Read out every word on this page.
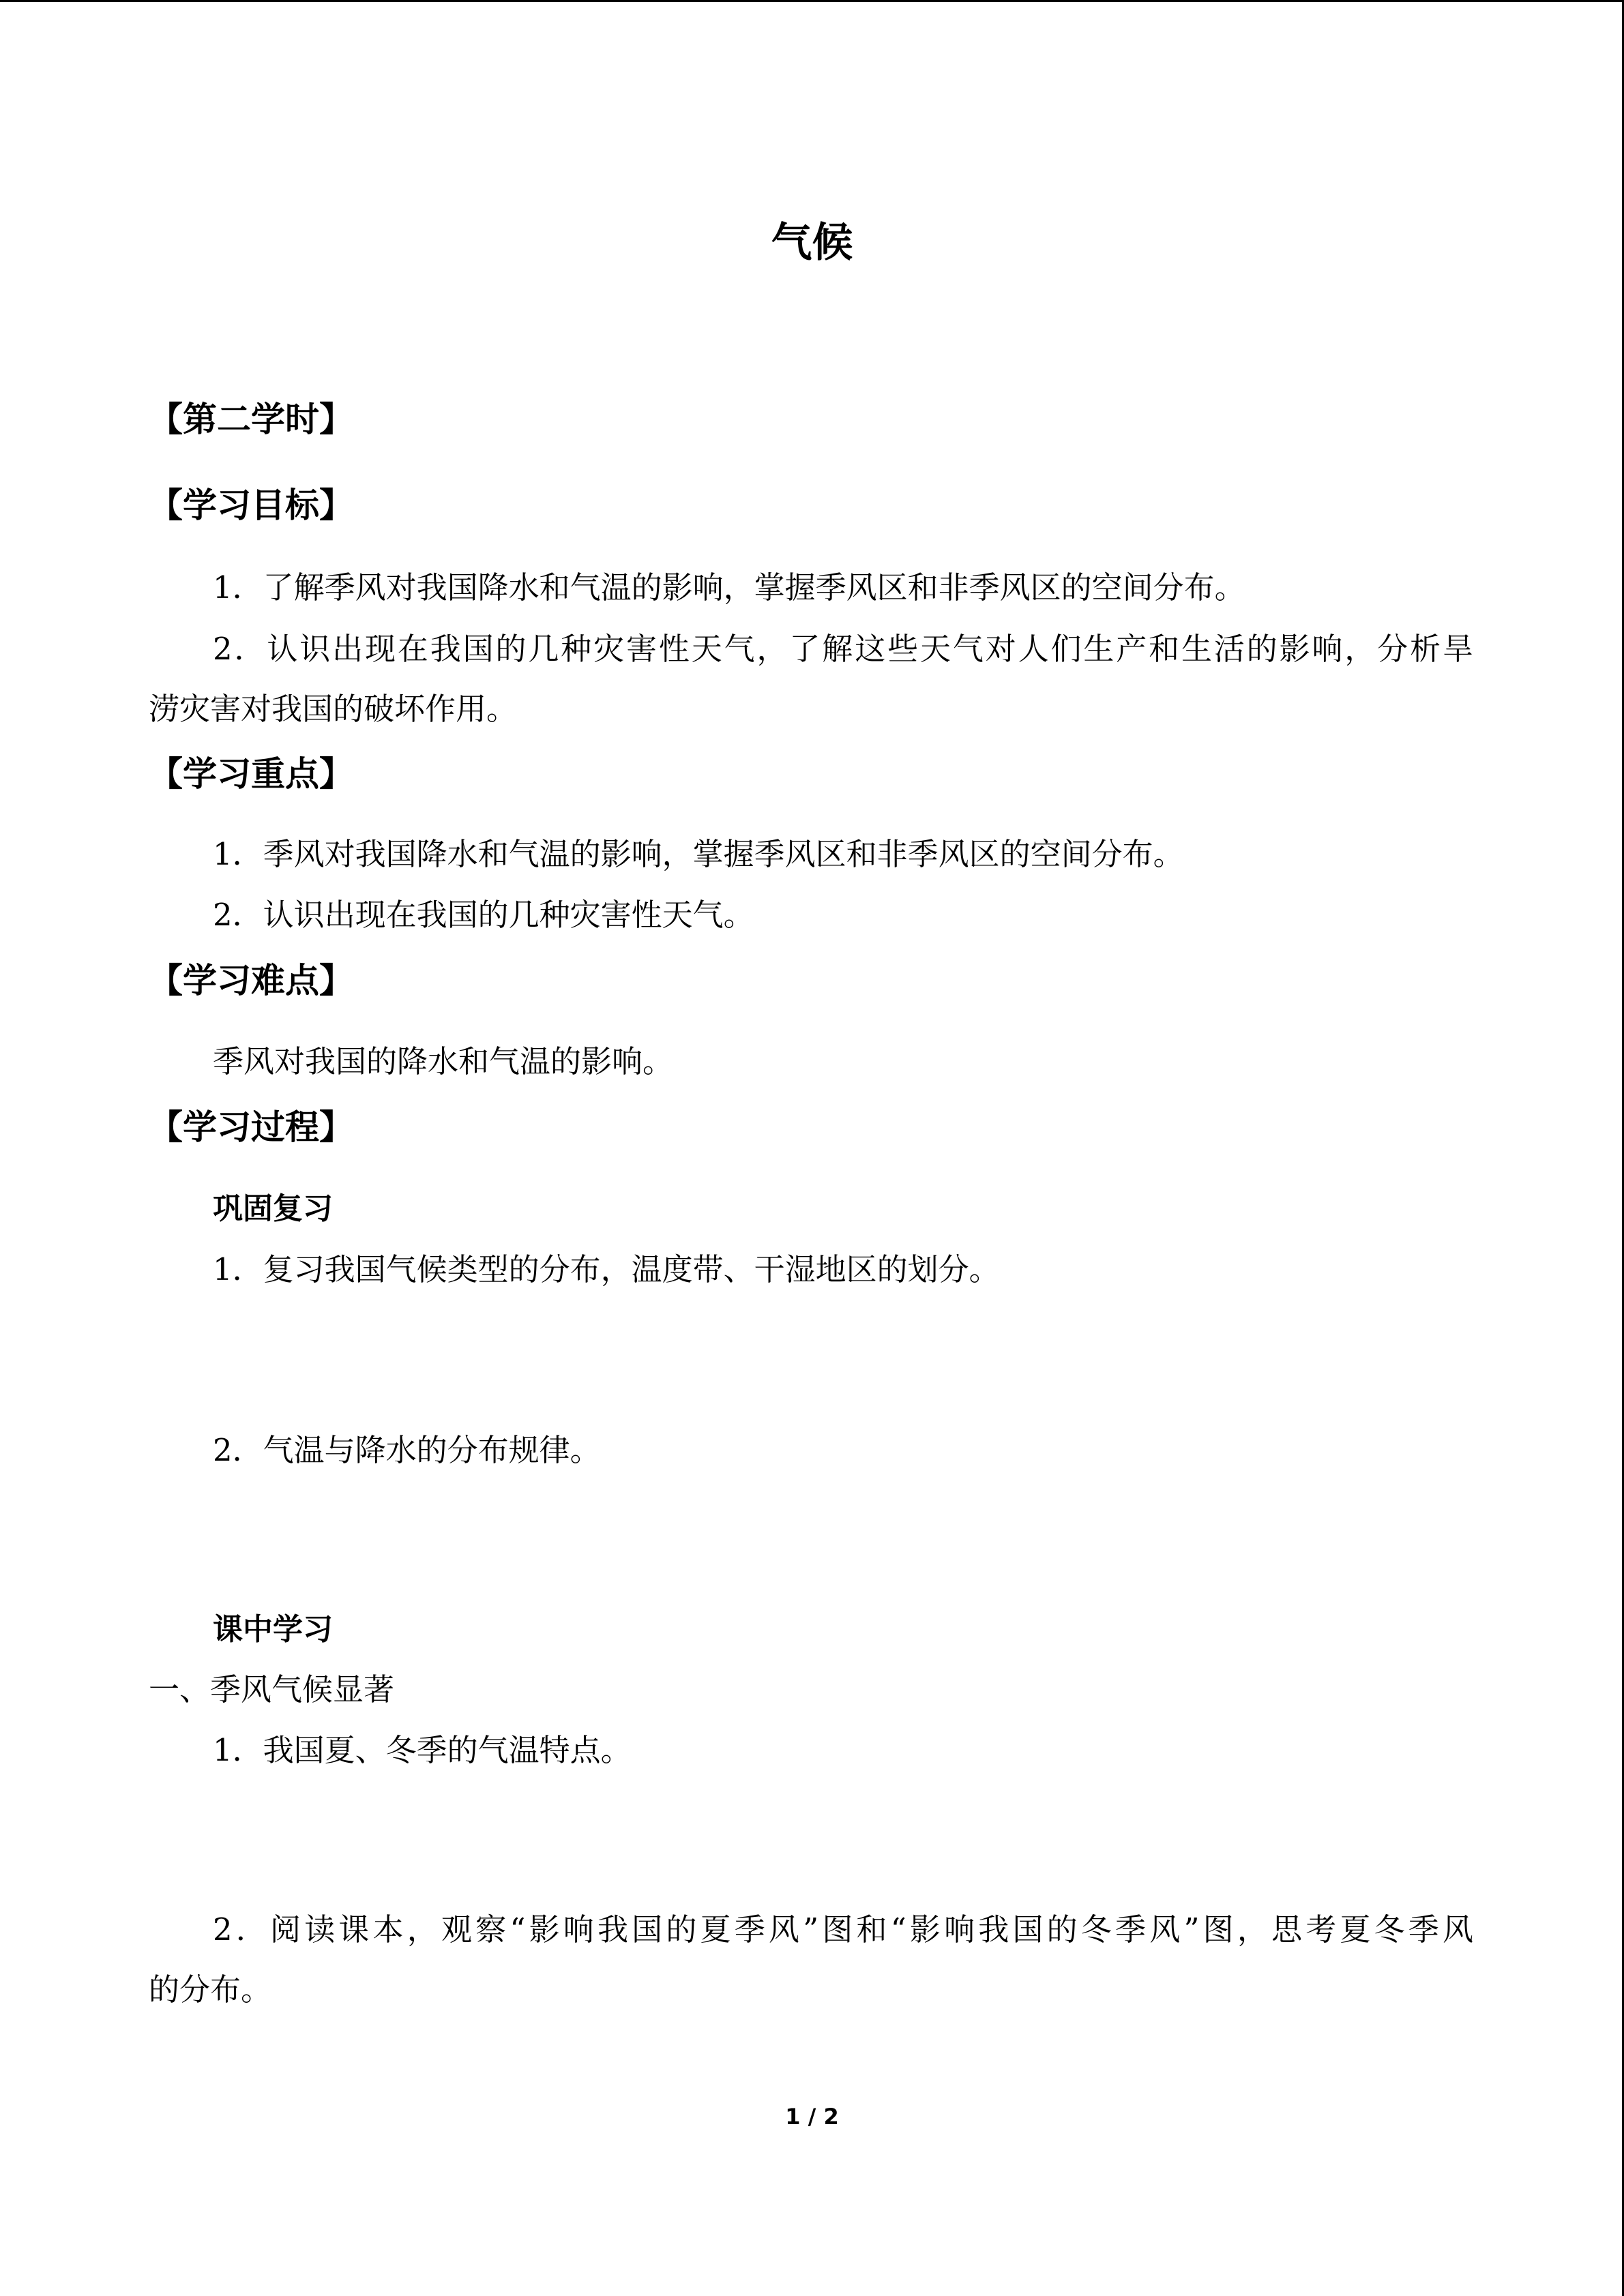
气候
【第二学时】
【学习目标】

1．了解季风对我国降水和气温的影响，掌握季风区和非季风区的空间分布。

2．认识出现在我国的几种灾害性天气，了解这些天气对人们生产和生活的影响，分析旱

涝灾害对我国的破坏作用。

【学习重点】

1．季风对我国降水和气温的影响，掌握季风区和非季风区的空间分布。

2．认识出现在我国的几种灾害性天气。

【学习难点】

季风对我国的降水和气温的影响。

【学习过程】
巩固复习

1．复习我国气候类型的分布，温度带、干湿地区的划分。

2．气温与降水的分布规律。

课中学习

一、季风气候显著

1．我国夏、冬季的气温特点。

2．阅读课本，观察“影响我国的夏季风”图和“影响我国的冬季风”图，思考夏冬季风

的分布。

1 / 2
